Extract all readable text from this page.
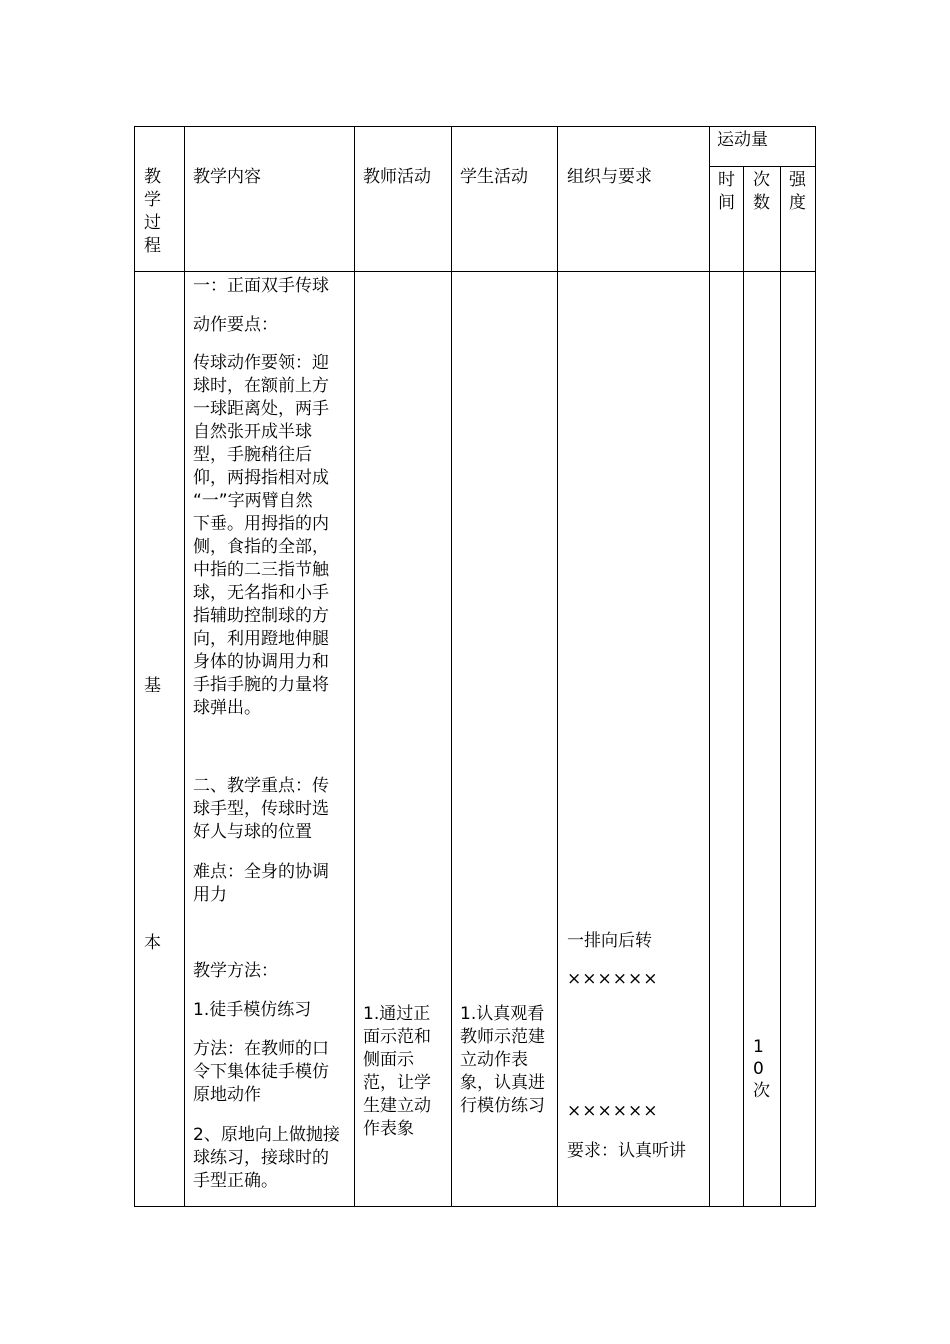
教
学
过
程
教学内容	教师活动 学生活动 组织与要求
运动量
时
间
次
数
强
度
基
本
一：正面双手传球
动作要点：
传球动作要领：迎
球时，在额前上方
一球距离处，两手
自然张开成半球
型，手腕稍往后
仰，两拇指相对成
“一”字两臂自然
下垂。用拇指的内
侧，食指的全部，
中指的二三指节触
球，无名指和小手
指辅助控制球的方
向，利用蹬地伸腿
身体的协调用力和
手指手腕的力量将
球弹出。
二、教学重点：传
球手型，传球时选
好人与球的位置
难点：全身的协调
用力
教学方法：
1.徒手模仿练习
方法：在教师的口
令下集体徒手模仿
原地动作
2、原地向上做抛接
球练习，接球时的
手型正确。
1.通过正
面示范和
侧面示
范，让学
生建立动
作表象
1.认真观看
教师示范建
立动作表
象，认真进
行模仿练习
一排向后转
××××××
××××××
要求：认真听讲
1
0
次
